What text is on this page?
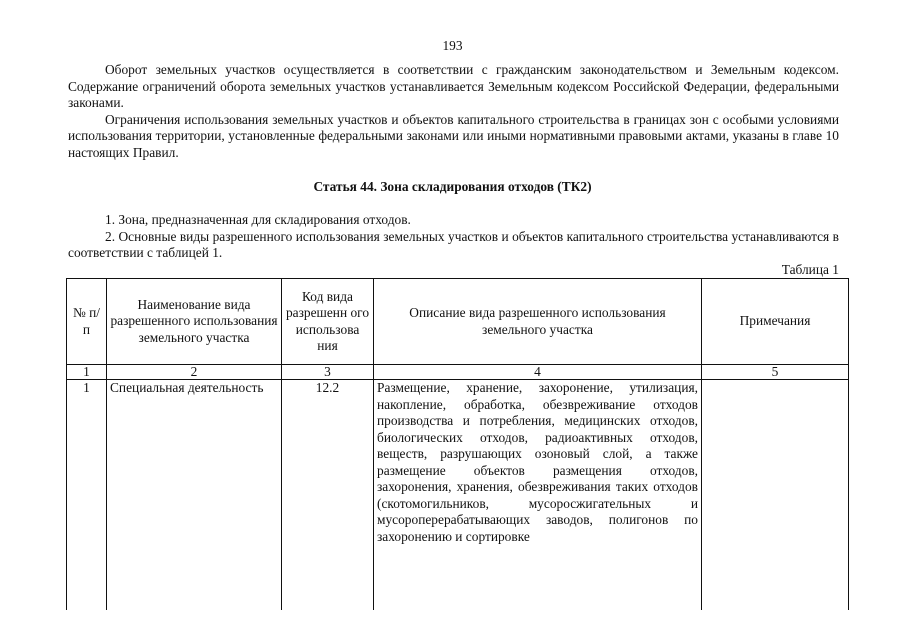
193

Оборот земельных участков осуществляется в соответствии с гражданским законодательством и Земельным кодексом. Содержание ограничений оборота земельных участков устанавливается Земельным кодексом Российской Федерации, федеральными законами.

Ограничения использования земельных участков и объектов капитального строительства в границах зон с особыми условиями использования территории, установленные федеральными законами или иными нормативными правовыми актами, указаны в главе 10 настоящих Правил.

Статья 44. Зона складирования отходов (ТК2)

1. Зона, предназначенная для складирования отходов.

2. Основные виды разрешенного использования земельных участков и объектов капитального строительства устанавливаются в соответствии с таблицей 1.

Таблица 1
№ п/п	Наименование вида разрешенного использования земельного участка	Код вида разрешенн ого использова ния	Описание вида разрешенного использования земельного участка	Примечания
1	2	3	4	5
1	Специальная деятельность	12.2	Размещение, хранение, захоронение, утилизация, накопление, обработка, обезвреживание отходов производства и потребления, медицинских отходов, биологических отходов, радиоактивных отходов, веществ, разрушающих озоновый слой, а также размещение объектов размещения отходов, захоронения, хранения, обезвреживания таких отходов (скотомогильников, мусоросжигательных и мусороперерабатывающих заводов, полигонов по захоронению и сортировке	
